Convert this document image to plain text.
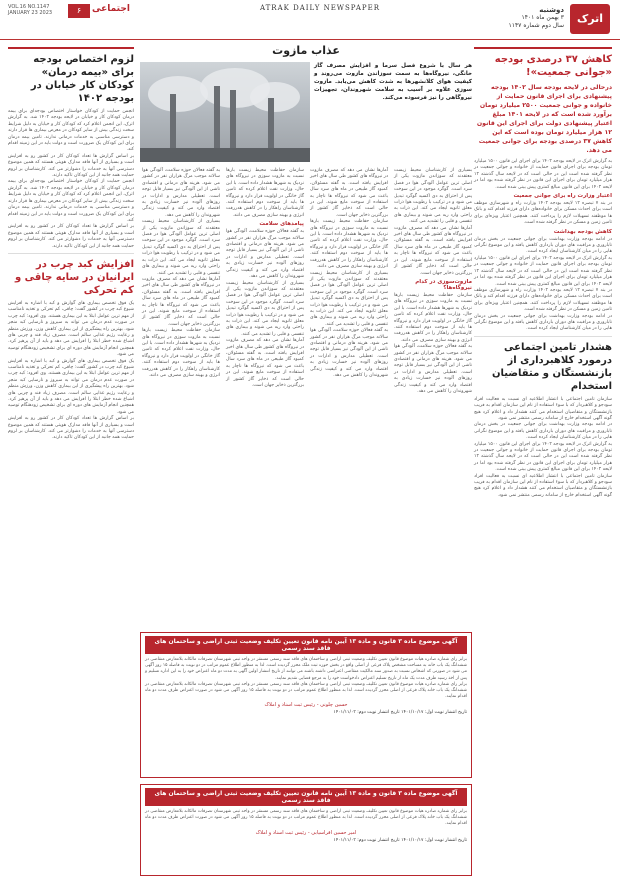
اترک
دوشنبه
۳ بهمن ماه ۱۴۰۱
سال دوم شماره ۱۱۴۷
ATRAK DAILY NEWSPAPER
VOL.16 NO.1147
JANUARY 23 2023	۶	اجتماعی
کاهش ۳۷ درصدی بودجه «جوانی جمعیت»!
درحالی در لایحه بودجه سال ۱۴۰۲ بودجه پیشنهادی برای اجرای قانون حمایت از خانواده و جوانی جمعیت ۲۵۰۰ میلیارد تومان برآورد شده است که در لایحه ۱۴۰۱ مبلغ اعتبار پیشنهادی دولت برای اجرای این قانون ۱۲ هزار میلیارد تومان بوده است که این کاهش ۳۷ درصدی بودجه برای جوانی جمعیت می دهد.
به گزارش اترک در لایحه بودجه ۱۴۰۲ برای اجرای این قانون ۱۵۰۰ میلیارد تومان بودجه برای اجرای قانون حمایت از خانواده و جوانی جمعیت در نظر گرفته شده است این در حالی است که در لایحه سال گذشته ۱۲ هزار میلیارد تومان برای اجرای این قانون در نظر گرفته شده بود اما در لایحه ۱۴۰۲ برای این قانون مبالغ کمتری پیش بینی شده است.
اعتبار وزارت راه برای جوانی جمعیت
در بند ۷ تبصره ۱۲ لایحه بودجه ۱۴۰۲ وزارت راه و شهرسازی موظف است برای احداث مسکن برای خانواده‌های دارای فرزند اقدام کند و بانک ها موظفند تسهیلات لازم را پرداخت کنند. همچنین اعتبار ویژه‌ای برای تامین زمین و مسکن در نظر گرفته شده است.
کاهش بودجه بهداشت
در ادامه بودجه وزارت بهداشت برای جوانی جمعیت در بخش درمان ناباروری و مراقبت های دوران بارداری کاهش یافته و این موضوع نگرانی هایی را در میان کارشناسان ایجاد کرده است.
به گزارش اترک در لایحه بودجه ۱۴۰۲ برای اجرای این قانون ۱۵۰۰ میلیارد تومان بودجه برای اجرای قانون حمایت از خانواده و جوانی جمعیت در نظر گرفته شده است این در حالی است که در لایحه سال گذشته ۱۲ هزار میلیارد تومان برای اجرای این قانون در نظر گرفته شده بود اما در لایحه ۱۴۰۲ برای این قانون مبالغ کمتری پیش بینی شده است.
در بند ۷ تبصره ۱۲ لایحه بودجه ۱۴۰۲ وزارت راه و شهرسازی موظف است برای احداث مسکن برای خانواده‌های دارای فرزند اقدام کند و بانک ها موظفند تسهیلات لازم را پرداخت کنند. همچنین اعتبار ویژه‌ای برای تامین زمین و مسکن در نظر گرفته شده است.
در ادامه بودجه وزارت بهداشت برای جوانی جمعیت در بخش درمان ناباروری و مراقبت های دوران بارداری کاهش یافته و این موضوع نگرانی هایی را در میان کارشناسان ایجاد کرده است.
هشدار تامین اجتماعی درمورد کلاهبرداری از بازنشستگان و متقاضیان استخدام
سازمان تامین اجتماعی با انتشار اطلاعیه ای نسبت به فعالیت افراد سودجو و کلاهبردار که با سوء استفاده از نام این سازمان اقدام به فریب بازنشستگان و متقاضیان استخدام می کنند هشدار داد و اعلام کرد هیچ گونه آگهی استخدام خارج از سامانه رسمی منتشر نمی شود.
در ادامه بودجه وزارت بهداشت برای جوانی جمعیت در بخش درمان ناباروری و مراقبت های دوران بارداری کاهش یافته و این موضوع نگرانی هایی را در میان کارشناسان ایجاد کرده است.
به گزارش اترک در لایحه بودجه ۱۴۰۲ برای اجرای این قانون ۱۵۰۰ میلیارد تومان بودجه برای اجرای قانون حمایت از خانواده و جوانی جمعیت در نظر گرفته شده است این در حالی است که در لایحه سال گذشته ۱۲ هزار میلیارد تومان برای اجرای این قانون در نظر گرفته شده بود اما در لایحه ۱۴۰۲ برای این قانون مبالغ کمتری پیش بینی شده است.
سازمان تامین اجتماعی با انتشار اطلاعیه ای نسبت به فعالیت افراد سودجو و کلاهبردار که با سوء استفاده از نام این سازمان اقدام به فریب بازنشستگان و متقاضیان استخدام می کنند هشدار داد و اعلام کرد هیچ گونه آگهی استخدام خارج از سامانه رسمی منتشر نمی شود.
عذاب مازوت
هر سال با شروع فصل سرما و افزایش مصرف گاز خانگی، نیروگاه‌ها به سمت سوزاندن مازوت می‌روند و کیفیت هوای کلانشهرها به شدت کاهش می‌یابد. مازوت سوزی علاوه بر آسیب به سلامت شهروندان، تجهیزات نیروگاهی را نیز فرسوده می‌کند.
بسیاری از کارشناسان محیط زیست معتقدند که سوزاندن مازوت یکی از اصلی ترین عوامل آلودگی هوا در فصل سرد است. گوگرد موجود در این سوخت پس از احتراق به دی اکسید گوگرد تبدیل می شود و در ترکیب با رطوبت هوا ذرات معلق ثانویه ایجاد می کند. این ذرات به راحتی وارد ریه می شوند و بیماری های تنفسی و قلبی را تشدید می کنند.
آمارها نشان می دهد که مصرف مازوت در نیروگاه های کشور طی سال های اخیر افزایش یافته است. به گفته مسئولان، کمبود گاز طبیعی در ماه های سرد سال باعث می شود که نیروگاه ها ناچار به استفاده از سوخت مایع شوند. این در حالی است که ذخایر گاز کشور از بزرگترین ذخایر جهان است.
مازوت‌سوزی در کدام نیروگاه‌ها؟
سازمان حفاظت محیط زیست بارها نسبت به مازوت سوزی در نیروگاه های نزدیک به شهرها هشدار داده است. با این حال، وزارت نفت اعلام کرده که تامین گاز خانگی در اولویت قرار دارد و نیروگاه ها باید از سوخت دوم استفاده کنند. کارشناسان راهکار را در کاهش هدررفت انرژی و بهینه سازی مصرف می دانند.
به گفته فعالان حوزه سلامت، آلودگی هوا سالانه موجب مرگ هزاران نفر در کشور می شود. هزینه های درمانی و اقتصادی ناشی از این آلودگی نیز بسیار قابل توجه است. تعطیلی مدارس و ادارات در روزهای آلوده نیز خسارت زیادی به اقتصاد وارد می کند و کیفیت زندگی شهروندان را کاهش می دهد.
آمارها نشان می دهد که مصرف مازوت در نیروگاه های کشور طی سال های اخیر افزایش یافته است. به گفته مسئولان، کمبود گاز طبیعی در ماه های سرد سال باعث می شود که نیروگاه ها ناچار به استفاده از سوخت مایع شوند. این در حالی است که ذخایر گاز کشور از بزرگترین ذخایر جهان است.
سازمان حفاظت محیط زیست بارها نسبت به مازوت سوزی در نیروگاه های نزدیک به شهرها هشدار داده است. با این حال، وزارت نفت اعلام کرده که تامین گاز خانگی در اولویت قرار دارد و نیروگاه ها باید از سوخت دوم استفاده کنند. کارشناسان راهکار را در کاهش هدررفت انرژی و بهینه سازی مصرف می دانند.
بسیاری از کارشناسان محیط زیست معتقدند که سوزاندن مازوت یکی از اصلی ترین عوامل آلودگی هوا در فصل سرد است. گوگرد موجود در این سوخت پس از احتراق به دی اکسید گوگرد تبدیل می شود و در ترکیب با رطوبت هوا ذرات معلق ثانویه ایجاد می کند. این ذرات به راحتی وارد ریه می شوند و بیماری های تنفسی و قلبی را تشدید می کنند.
به گفته فعالان حوزه سلامت، آلودگی هوا سالانه موجب مرگ هزاران نفر در کشور می شود. هزینه های درمانی و اقتصادی ناشی از این آلودگی نیز بسیار قابل توجه است. تعطیلی مدارس و ادارات در روزهای آلوده نیز خسارت زیادی به اقتصاد وارد می کند و کیفیت زندگی شهروندان را کاهش می دهد.
سازمان حفاظت محیط زیست بارها نسبت به مازوت سوزی در نیروگاه های نزدیک به شهرها هشدار داده است. با این حال، وزارت نفت اعلام کرده که تامین گاز خانگی در اولویت قرار دارد و نیروگاه ها باید از سوخت دوم استفاده کنند. کارشناسان راهکار را در کاهش هدررفت انرژی و بهینه سازی مصرف می دانند.
پیامدهای سلامت
به گفته فعالان حوزه سلامت، آلودگی هوا سالانه موجب مرگ هزاران نفر در کشور می شود. هزینه های درمانی و اقتصادی ناشی از این آلودگی نیز بسیار قابل توجه است. تعطیلی مدارس و ادارات در روزهای آلوده نیز خسارت زیادی به اقتصاد وارد می کند و کیفیت زندگی شهروندان را کاهش می دهد.
بسیاری از کارشناسان محیط زیست معتقدند که سوزاندن مازوت یکی از اصلی ترین عوامل آلودگی هوا در فصل سرد است. گوگرد موجود در این سوخت پس از احتراق به دی اکسید گوگرد تبدیل می شود و در ترکیب با رطوبت هوا ذرات معلق ثانویه ایجاد می کند. این ذرات به راحتی وارد ریه می شوند و بیماری های تنفسی و قلبی را تشدید می کنند.
آمارها نشان می دهد که مصرف مازوت در نیروگاه های کشور طی سال های اخیر افزایش یافته است. به گفته مسئولان، کمبود گاز طبیعی در ماه های سرد سال باعث می شود که نیروگاه ها ناچار به استفاده از سوخت مایع شوند. این در حالی است که ذخایر گاز کشور از بزرگترین ذخایر جهان است.
به گفته فعالان حوزه سلامت، آلودگی هوا سالانه موجب مرگ هزاران نفر در کشور می شود. هزینه های درمانی و اقتصادی ناشی از این آلودگی نیز بسیار قابل توجه است. تعطیلی مدارس و ادارات در روزهای آلوده نیز خسارت زیادی به اقتصاد وارد می کند و کیفیت زندگی شهروندان را کاهش می دهد.
بسیاری از کارشناسان محیط زیست معتقدند که سوزاندن مازوت یکی از اصلی ترین عوامل آلودگی هوا در فصل سرد است. گوگرد موجود در این سوخت پس از احتراق به دی اکسید گوگرد تبدیل می شود و در ترکیب با رطوبت هوا ذرات معلق ثانویه ایجاد می کند. این ذرات به راحتی وارد ریه می شوند و بیماری های تنفسی و قلبی را تشدید می کنند.
آمارها نشان می دهد که مصرف مازوت در نیروگاه های کشور طی سال های اخیر افزایش یافته است. به گفته مسئولان، کمبود گاز طبیعی در ماه های سرد سال باعث می شود که نیروگاه ها ناچار به استفاده از سوخت مایع شوند. این در حالی است که ذخایر گاز کشور از بزرگترین ذخایر جهان است.
سازمان حفاظت محیط زیست بارها نسبت به مازوت سوزی در نیروگاه های نزدیک به شهرها هشدار داده است. با این حال، وزارت نفت اعلام کرده که تامین گاز خانگی در اولویت قرار دارد و نیروگاه ها باید از سوخت دوم استفاده کنند. کارشناسان راهکار را در کاهش هدررفت انرژی و بهینه سازی مصرف می دانند.
آگهی موضوع ماده ۳ قانون و ماده ۱۳ آیین نامه قانون تعیین تکلیف وضعیت ثبتی اراضی و ساختمان های فاقد سند رسمی
برابر رای شماره صادره هیات موضوع قانون تعیین تکلیف وضعیت ثبتی اراضی و ساختمان های فاقد سند رسمی مستقر در واحد ثبتی شهرستان تصرفات مالکانه بلامعارض متقاضی در ششدانگ یک باب خانه به مساحت مشخص پلاک فرعی از اصلی واقع در بخش حوزه ثبت ملک محرز گردیده است. لذا به منظور اطلاع عموم مراتب در دو نوبت به فاصله ۱۵ روز آگهی می شود در صورتی که اشخاص نسبت به صدور سند مالکیت متقاضی اعتراضی داشته باشند می توانند از تاریخ انتشار اولین آگهی به مدت دو ماه اعتراض خود را به این اداره تسلیم و پس از اخذ رسید ظرف مدت یک ماه از تاریخ تسلیم اعتراض دادخواست خود را به مرجع قضایی تقدیم نمایند.
برابر رای شماره صادره هیات موضوع قانون تعیین تکلیف وضعیت ثبتی اراضی و ساختمان های فاقد سند رسمی مستقر در واحد ثبتی شهرستان تصرفات مالکانه بلامعارض متقاضی در ششدانگ یک باب خانه پلاک فرعی از اصلی محرز گردیده است. لذا به منظور اطلاع عموم مراتب در دو نوبت به فاصله ۱۵ روز آگهی می شود در صورت اعتراض ظرف مدت دو ماه اقدام نمایند.
حسین چلونی - رئیس ثبت اسناد و املاک
تاریخ انتشار نوبت اول: ۱۴۰۱/۱۰/۱۷ تاریخ انتشار نوبت دوم: ۱۴۰۱/۱۱/۰۳
آگهی موضوع ماده ۳ قانون و ماده ۱۳ آیین نامه قانون تعیین تکلیف وضعیت ثبتی اراضی و ساختمان های فاقد سند رسمی
برابر رای شماره صادره هیات موضوع قانون تعیین تکلیف وضعیت ثبتی اراضی و ساختمان های فاقد سند رسمی مستقر در واحد ثبتی شهرستان تصرفات مالکانه بلامعارض متقاضی در ششدانگ یک باب خانه پلاک فرعی از اصلی محرز گردیده است. لذا به منظور اطلاع عموم مراتب در دو نوبت به فاصله ۱۵ روز آگهی می شود در صورت اعتراض ظرف مدت دو ماه اقدام نمایند.
امیر حسین افراسیابی - رئیس ثبت اسناد و املاک
تاریخ انتشار نوبت اول: ۱۴۰۱/۱۰/۱۷ تاریخ انتشار نوبت دوم: ۱۴۰۱/۱۱/۰۳
لزوم اختصاص بودجه برای «بیمه درمان» کودکان کار خیابان در بودجه ۱۴۰۲
انجمن حمایت از کودکان خواستار اختصاص بودجه‌ای برای بیمه درمان کودکان کار و خیابان در لایحه بودجه ۱۴۰۲ شد. به گزارش اترک، این انجمن اعلام کرد که کودکان کار و خیابان به دلیل شرایط سخت زندگی بیش از سایر کودکان در معرض بیماری ها قرار دارند و دسترسی مناسبی به خدمات درمانی ندارند. تامین بیمه درمان برای این کودکان یک ضرورت است و دولت باید در این زمینه اقدام کند.
بر اساس گزارش ها تعداد کودکان کار در کشور رو به افزایش است و بسیاری از آنها فاقد مدارک هویتی هستند که همین موضوع دسترسی آنها به خدمات را دشوارتر می کند. کارشناسان بر لزوم حمایت همه جانبه از این کودکان تاکید دارند.
انجمن حمایت از کودکان خواستار اختصاص بودجه‌ای برای بیمه درمان کودکان کار و خیابان در لایحه بودجه ۱۴۰۲ شد. به گزارش اترک، این انجمن اعلام کرد که کودکان کار و خیابان به دلیل شرایط سخت زندگی بیش از سایر کودکان در معرض بیماری ها قرار دارند و دسترسی مناسبی به خدمات درمانی ندارند. تامین بیمه درمان برای این کودکان یک ضرورت است و دولت باید در این زمینه اقدام کند.
بر اساس گزارش ها تعداد کودکان کار در کشور رو به افزایش است و بسیاری از آنها فاقد مدارک هویتی هستند که همین موضوع دسترسی آنها به خدمات را دشوارتر می کند. کارشناسان بر لزوم حمایت همه جانبه از این کودکان تاکید دارند.
افزایش کبد چرب در ایرانیان در سایه چاقی و کم تحرکی
یک فوق تخصص بیماری های گوارش و کبد با اشاره به افزایش شیوع کبد چرب در کشور گفت: چاقی، کم تحرکی و تغذیه نامناسب از مهم ترین عوامل ابتلا به این بیماری هستند. وی افزود: کبد چرب در صورت عدم درمان می تواند به سیروز و نارسایی کبد منجر شود. بهترین راه پیشگیری از این بیماری کاهش وزن، ورزش منظم و رعایت رژیم غذایی سالم است. مصرف زیاد قند و چربی های اشباع شده خطر ابتلا را افزایش می دهد و باید از آن پرهیز کرد. همچنین انجام آزمایش های دوره ای برای تشخیص زودهنگام توصیه می شود.
یک فوق تخصص بیماری های گوارش و کبد با اشاره به افزایش شیوع کبد چرب در کشور گفت: چاقی، کم تحرکی و تغذیه نامناسب از مهم ترین عوامل ابتلا به این بیماری هستند. وی افزود: کبد چرب در صورت عدم درمان می تواند به سیروز و نارسایی کبد منجر شود. بهترین راه پیشگیری از این بیماری کاهش وزن، ورزش منظم و رعایت رژیم غذایی سالم است. مصرف زیاد قند و چربی های اشباع شده خطر ابتلا را افزایش می دهد و باید از آن پرهیز کرد. همچنین انجام آزمایش های دوره ای برای تشخیص زودهنگام توصیه می شود.
بر اساس گزارش ها تعداد کودکان کار در کشور رو به افزایش است و بسیاری از آنها فاقد مدارک هویتی هستند که همین موضوع دسترسی آنها به خدمات را دشوارتر می کند. کارشناسان بر لزوم حمایت همه جانبه از این کودکان تاکید دارند.
